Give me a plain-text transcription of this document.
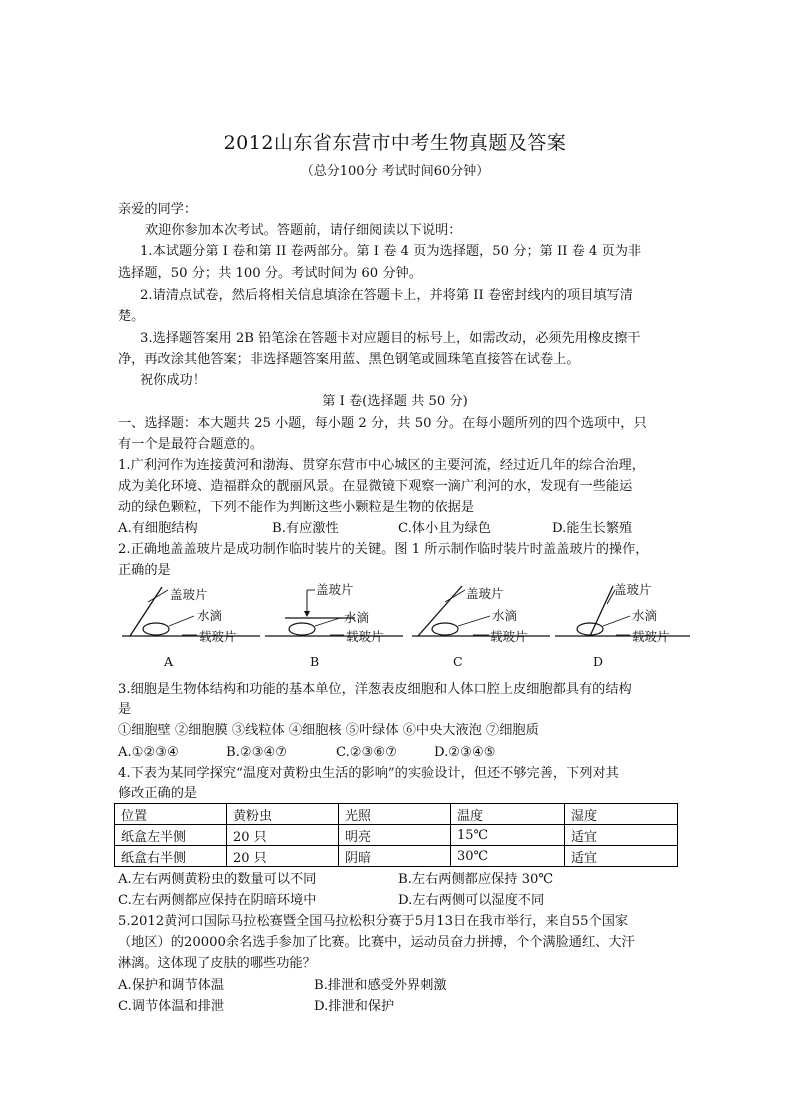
2012山东省东营市中考生物真题及答案
（总分100分 考试时间60分钟）
亲爱的同学：
欢迎你参加本次考试。答题前，请仔细阅读以下说明：
1.本试题分第 I 卷和第 II 卷两部分。第 I 卷 4 页为选择题，50 分；第 II 卷 4 页为非
选择题，50 分；共 100 分。考试时间为 60 分钟。
2.请清点试卷，然后将相关信息填涂在答题卡上，并将第 II 卷密封线内的项目填写清
楚。
3.选择题答案用 2B 铅笔涂在答题卡对应题目的标号上，如需改动，必须先用橡皮擦干
净，再改涂其他答案；非选择题答案用蓝、黑色钢笔或圆珠笔直接答在试卷上。
祝你成功！
第 I 卷(选择题 共 50 分)
一、选择题：本大题共 25 小题，每小题 2 分，共 50 分。在每小题所列的四个选项中，只
有一个是最符合题意的。
1.广利河作为连接黄河和渤海、贯穿东营市中心城区的主要河流，经过近几年的综合治理，
成为美化环境、造福群众的靓丽风景。在显微镜下观察一滴广利河的水，发现有一些能运
动的绿色颗粒，下列不能作为判断这些小颗粒是生物的依据是
A.有细胞结构	B.有应激性	C.体小且为绿色	D.能生长繁殖
2.正确地盖盖玻片是成功制作临时装片的关键。图 1 所示制作临时装片时盖盖玻片的操作，
正确的是
盖玻片
水滴
载玻片
A
盖玻片
水滴
载玻片
B
盖玻片
水滴
载玻片
C
盖玻片
水滴
载玻片
D
3.细胞是生物体结构和功能的基本单位，洋葱表皮细胞和人体口腔上皮细胞都具有的结构
是
①细胞壁 ②细胞膜 ③线粒体 ④细胞核 ⑤叶绿体 ⑥中央大液泡 ⑦细胞质
A.①②③④	B.②③④⑦	C.②③⑥⑦	D.②③④⑤
4.下表为某同学探究“温度对黄粉虫生活的影响”的实验设计，但还不够完善，下列对其
修改正确的是
位置	黄粉虫	光照	温度	湿度
纸盒左半侧	20 只	明亮	15℃	适宜
纸盒右半侧	20 只	阴暗	30℃	适宜
A.左右两侧黄粉虫的数量可以不同	B.左右两侧都应保持 30℃
C.左右两侧都应保持在阴暗环境中	D.左右两侧可以湿度不同
5.2012黄河口国际马拉松赛暨全国马拉松积分赛于5月13日在我市举行，来自55个国家
（地区）的20000余名选手参加了比赛。比赛中，运动员奋力拼搏，个个满脸通红、大汗
淋漓。这体现了皮肤的哪些功能？
A.保护和调节体温	B.排泄和感受外界刺激
C.调节体温和排泄	D.排泄和保护
